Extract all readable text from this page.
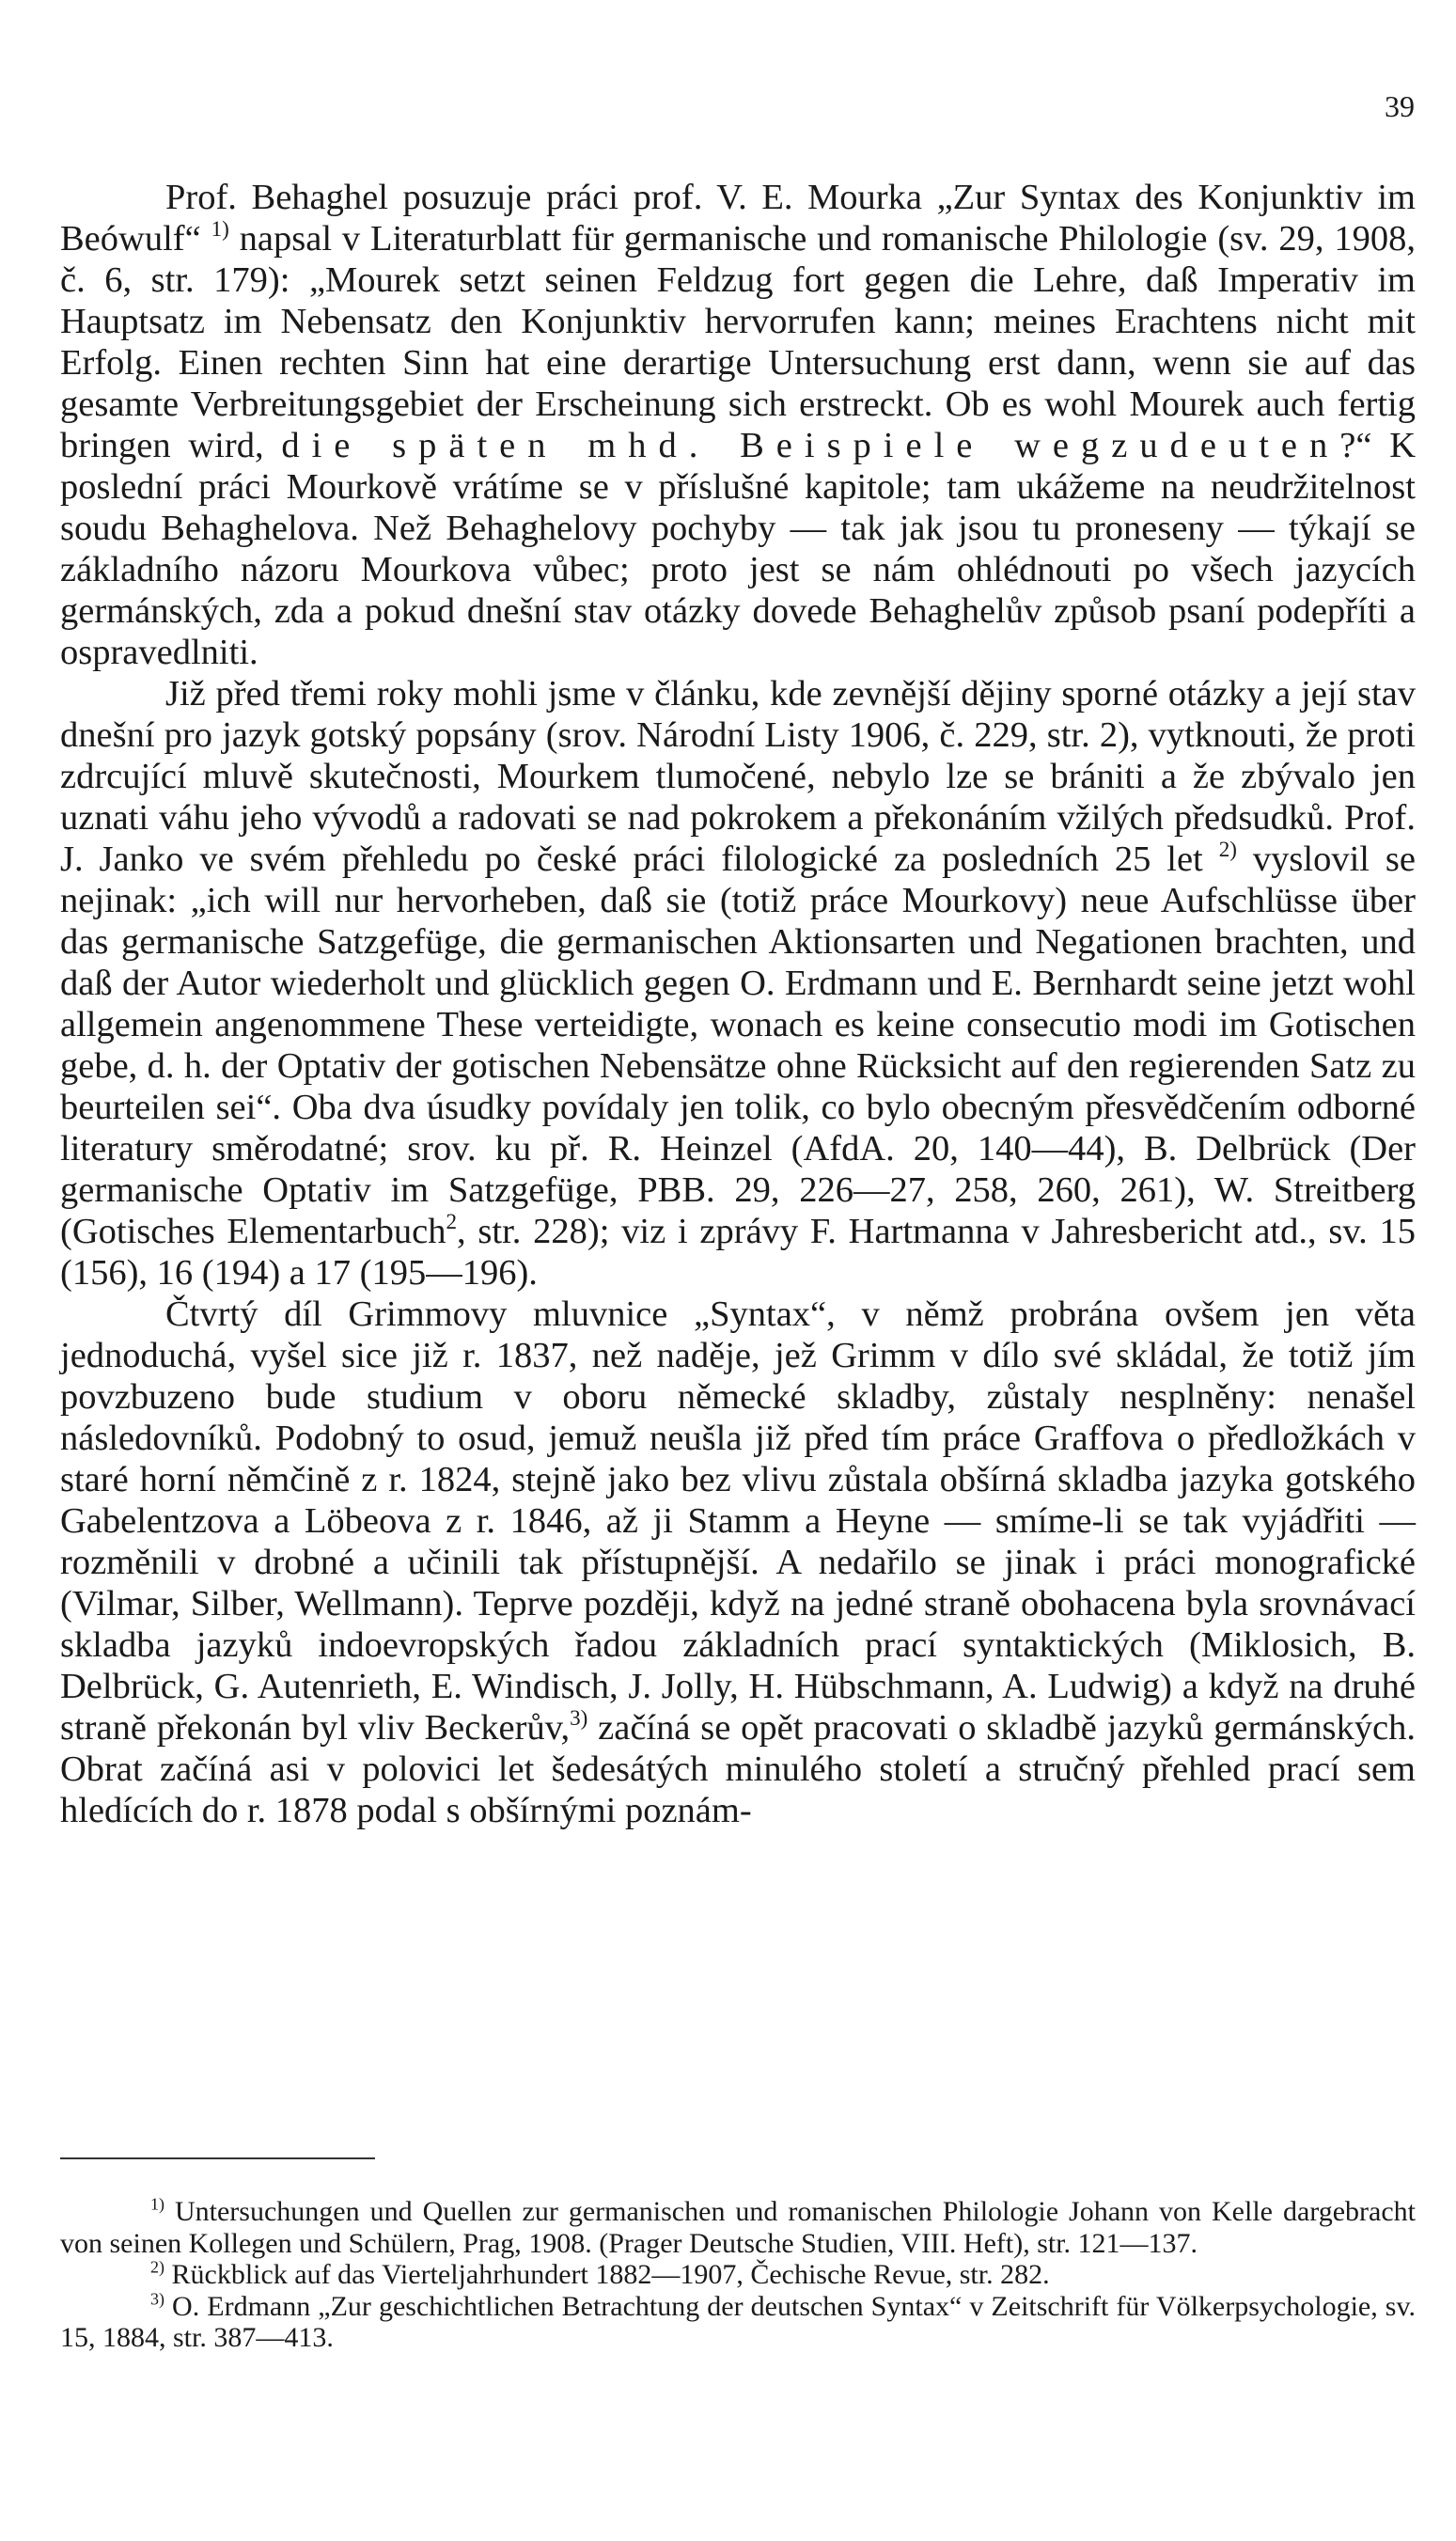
39

Prof. Behaghel posuzuje práci prof. V. E. Mourka „Zur Syntax des Konjunktiv im Beówulf“ $^{1)}$ napsal v Literaturblatt für germanische und romanische Philologie (sv. 29, 1908, č. 6, str. 179): „Mourek setzt seinen Feldzug fort gegen die Lehre, daß Imperativ im Hauptsatz im Nebensatz den Konjunktiv hervorrufen kann; meines Erachtens nicht mit Erfolg. Einen rechten Sinn hat eine derartige Untersuchung erst dann, wenn sie auf das gesamte Verbreitungsgebiet der Erscheinung sich erstreckt. Ob es wohl Mourek auch fertig bringen wird, die späten mhd. Beispiele wegzudeuten?“ K poslední práci Mourkově vrátíme se v příslušné kapitole; tam ukážeme na neudržitelnost soudu Behaghelova. Než Behaghelovy pochyby — tak jak jsou tu proneseny — týkají se základního názoru Mourkova vůbec; proto jest se nám ohlédnouti po všech jazycích germánských, zda a pokud dnešní stav otázky dovede Behaghelův způsob psaní podepříti a ospravedlniti.

Již před třemi roky mohli jsme v článku, kde zevnější dějiny sporné otázky a její stav dnešní pro jazyk gotský popsány (srov. Národní Listy 1906, č. 229, str. 2), vytknouti, že proti zdrcující mluvě skutečnosti, Mourkem tlumočené, nebylo lze se brániti a že zbývalo jen uznati váhu jeho vývodů a radovati se nad pokrokem a překonáním vžilých předsudků. Prof. J. Janko ve svém přehledu po české práci filologické za posledních 25 let $^{2)}$ vyslovil se nejinak: „ich will nur hervorheben, daß sie (totiž práce Mourkovy) neue Aufschlüsse über das germanische Satzgefüge, die germanischen Aktionsarten und Negationen brachten, und daß der Autor wiederholt und glücklich gegen O. Erdmann und E. Bernhardt seine jetzt wohl allgemein angenommene These verteidigte, wonach es keine consecutio modi im Gotischen gebe, d. h. der Optativ der gotischen Nebensätze ohne Rücksicht auf den regierenden Satz zu beurteilen sei“. Oba dva úsudky povídaly jen tolik, co bylo obecným přesvědčením odborné literatury směrodatné; srov. ku př. R. Heinzel (AfdA. 20, 140—44), B. Delbrück (Der germanische Optativ im Satzgefüge, PBB. 29, 226—27, 258, 260, 261), W. Streitberg (Gotisches Elementarbuch$^2$, str. 228); viz i zprávy F. Hartmanna v Jahresbericht atd., sv. 15 (156), 16 (194) a 17 (195—196).

Čtvrtý díl Grimmovy mluvnice „Syntax“, v němž probrána ovšem jen věta jednoduchá, vyšel sice již r. 1837, než naděje, jež Grimm v dílo své skládal, že totiž jím povzbuzeno bude studium v oboru německé skladby, zůstaly nesplněny: nenašel následovníků. Podobný to osud, jemuž neušla již před tím práce Graffova o předložkách v staré horní němčině z r. 1824, stejně jako bez vlivu zůstala obšírná skladba jazyka gotského Gabelentzova a Löbeova z r. 1846, až ji Stamm a Heyne — smíme-li se tak vyjádřiti — rozměnili v drobné a učinili tak přístupnější. A nedařilo se jinak i práci monografické (Vilmar, Silber, Wellmann). Teprve později, když na jedné straně obohacena byla srovnávací skladba jazyků indoevropských řadou základních prací syntaktických (Miklosich, B. Delbrück, G. Autenrieth, E. Windisch, J. Jolly, H. Hübschmann, A. Ludwig) a když na druhé straně překonán byl vliv Beckerův,$^{3)}$ začíná se opět pracovati o skladbě jazyků germánských. Obrat začíná asi v polovici let šedesátých minulého století a stručný přehled prací sem hledících do r. 1878 podal s obšírnými poznám-

$^{1)}$ Untersuchungen und Quellen zur germanischen und romanischen Philologie Johann von Kelle dargebracht von seinen Kollegen und Schülern, Prag, 1908. (Prager Deutsche Studien, VIII. Heft), str. 121—137.

$^{2)}$ Rückblick auf das Vierteljahrhundert 1882—1907, Čechische Revue, str. 282.

$^{3)}$ O. Erdmann „Zur geschichtlichen Betrachtung der deutschen Syntax“ v Zeitschrift für Völkerpsychologie, sv. 15, 1884, str. 387—413.
